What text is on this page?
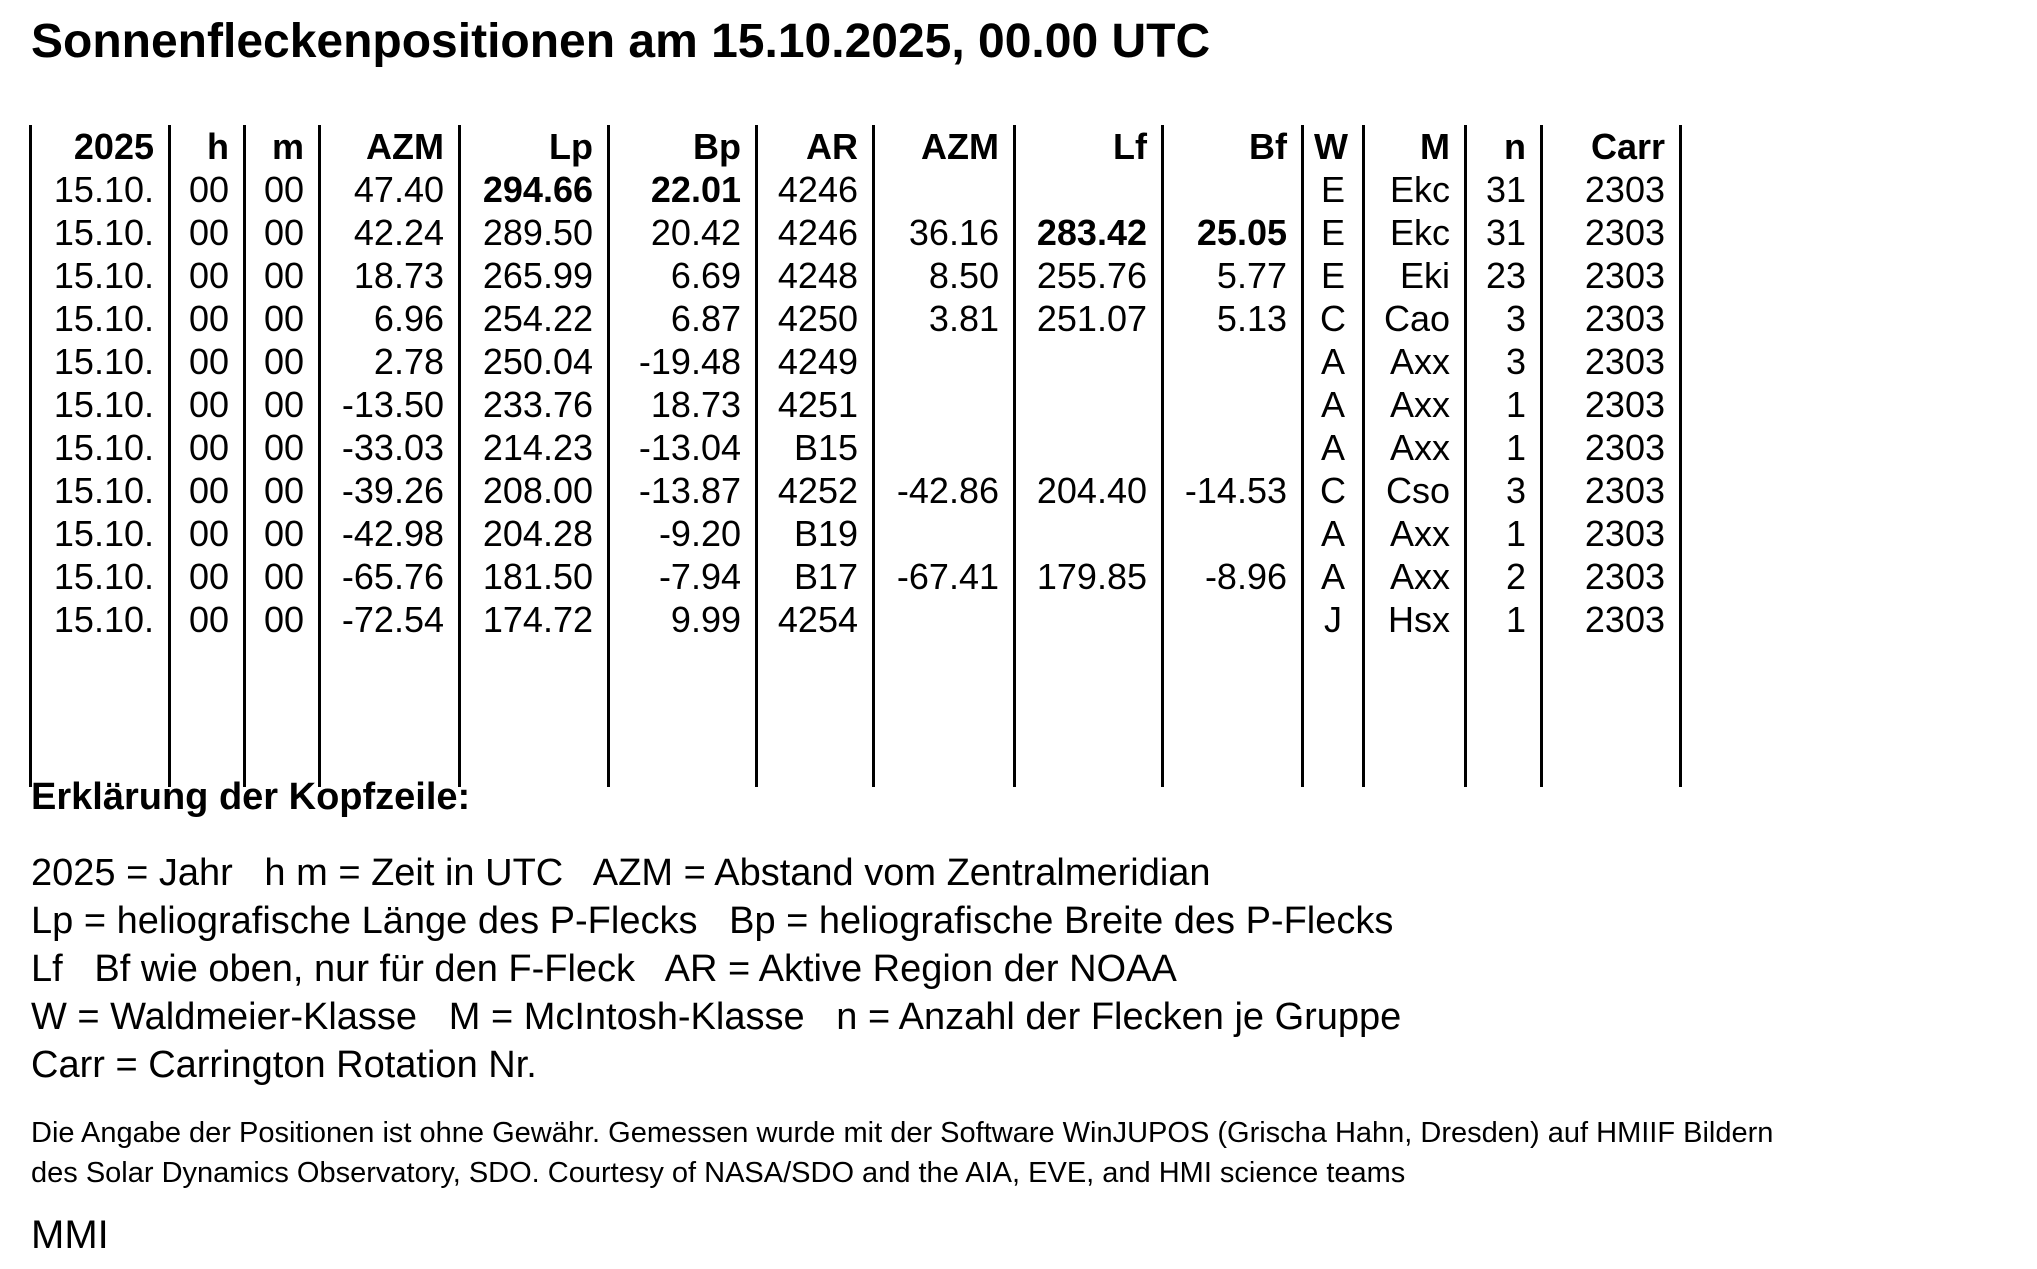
Sonnenfleckenpositionen am 15.10.2025, 00.00 UTC
2025	h	m	AZM	Lp	Bp	AR	AZM	Lf	Bf	W	M	n	Carr
15.10.	00	00	47.40	294.66	22.01	4246				E	Ekc	31	2303
15.10.	00	00	42.24	289.50	20.42	4246	36.16	283.42	25.05	E	Ekc	31	2303
15.10.	00	00	18.73	265.99	6.69	4248	8.50	255.76	5.77	E	Eki	23	2303
15.10.	00	00	6.96	254.22	6.87	4250	3.81	251.07	5.13	C	Cao	3	2303
15.10.	00	00	2.78	250.04	-19.48	4249				A	Axx	3	2303
15.10.	00	00	-13.50	233.76	18.73	4251				A	Axx	1	2303
15.10.	00	00	-33.03	214.23	-13.04	B15				A	Axx	1	2303
15.10.	00	00	-39.26	208.00	-13.87	4252	-42.86	204.40	-14.53	C	Cso	3	2303
15.10.	00	00	-42.98	204.28	-9.20	B19				A	Axx	1	2303
15.10.	00	00	-65.76	181.50	-7.94	B17	-67.41	179.85	-8.96	A	Axx	2	2303
15.10.	00	00	-72.54	174.72	9.99	4254				J	Hsx	1	2303

Erklärung der Kopfzeile:
2025 = Jahr   h m = Zeit in UTC   AZM = Abstand vom Zentralmeridian
Lp = heliografische Länge des P-Flecks   Bp = heliografische Breite des P-Flecks
Lf   Bf wie oben, nur für den F-Fleck   AR = Aktive Region der NOAA
W = Waldmeier-Klasse   M = McIntosh-Klasse   n = Anzahl der Flecken je Gruppe
Carr = Carrington Rotation Nr.
Die Angabe der Positionen ist ohne Gewähr. Gemessen wurde mit der Software WinJUPOS (Grischa Hahn, Dresden) auf HMIIF Bildern
des Solar Dynamics Observatory, SDO. Courtesy of NASA/SDO and the AIA, EVE, and HMI science teams
MMI
